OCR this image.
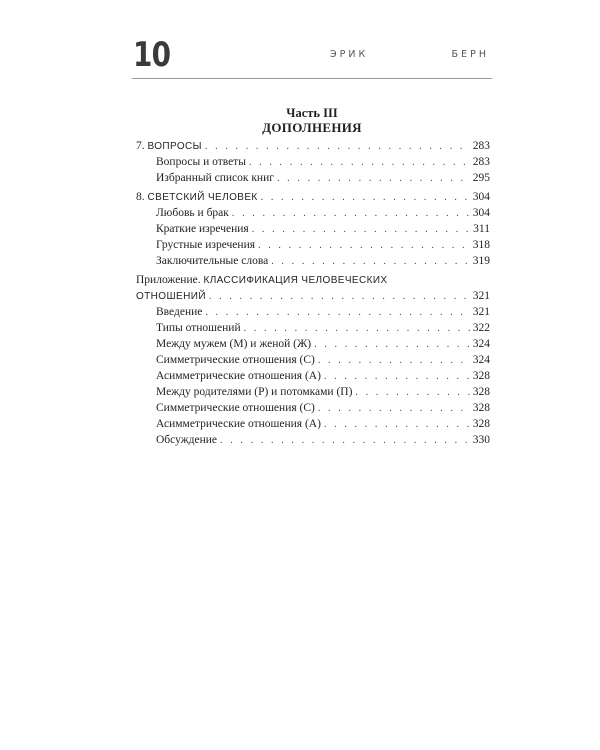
10	Э Р И К	Б Е Р Н
Часть III
ДОПОЛНЕНИЯ
7. ВОПРОСЫ . . .	283
Вопросы и ответы . . .	283
Избранный список книг . . .	295
8. СВЕТСКИЙ ЧЕЛОВЕК . . .	304
Любовь и брак . . .	304
Краткие изречения . . .	311
Грустные изречения . . .	318
Заключительные слова . . .	319
Приложение. КЛАССИФИКАЦИЯ ЧЕЛОВЕЧЕСКИХ
ОТНОШЕНИЙ . . .	321
Введение . . .	321
Типы отношений . . .	322
Между мужем (М) и женой (Ж) . . .	324
Симметрические отношения (С) . . .	324
Асимметрические отношения (А) . . .	328
Между родителями (Р) и потомками (П) . . .	328
Симметрические отношения (С) . . .	328
Асимметрические отношения (А) . . .	328
Обсуждение . . .	330
